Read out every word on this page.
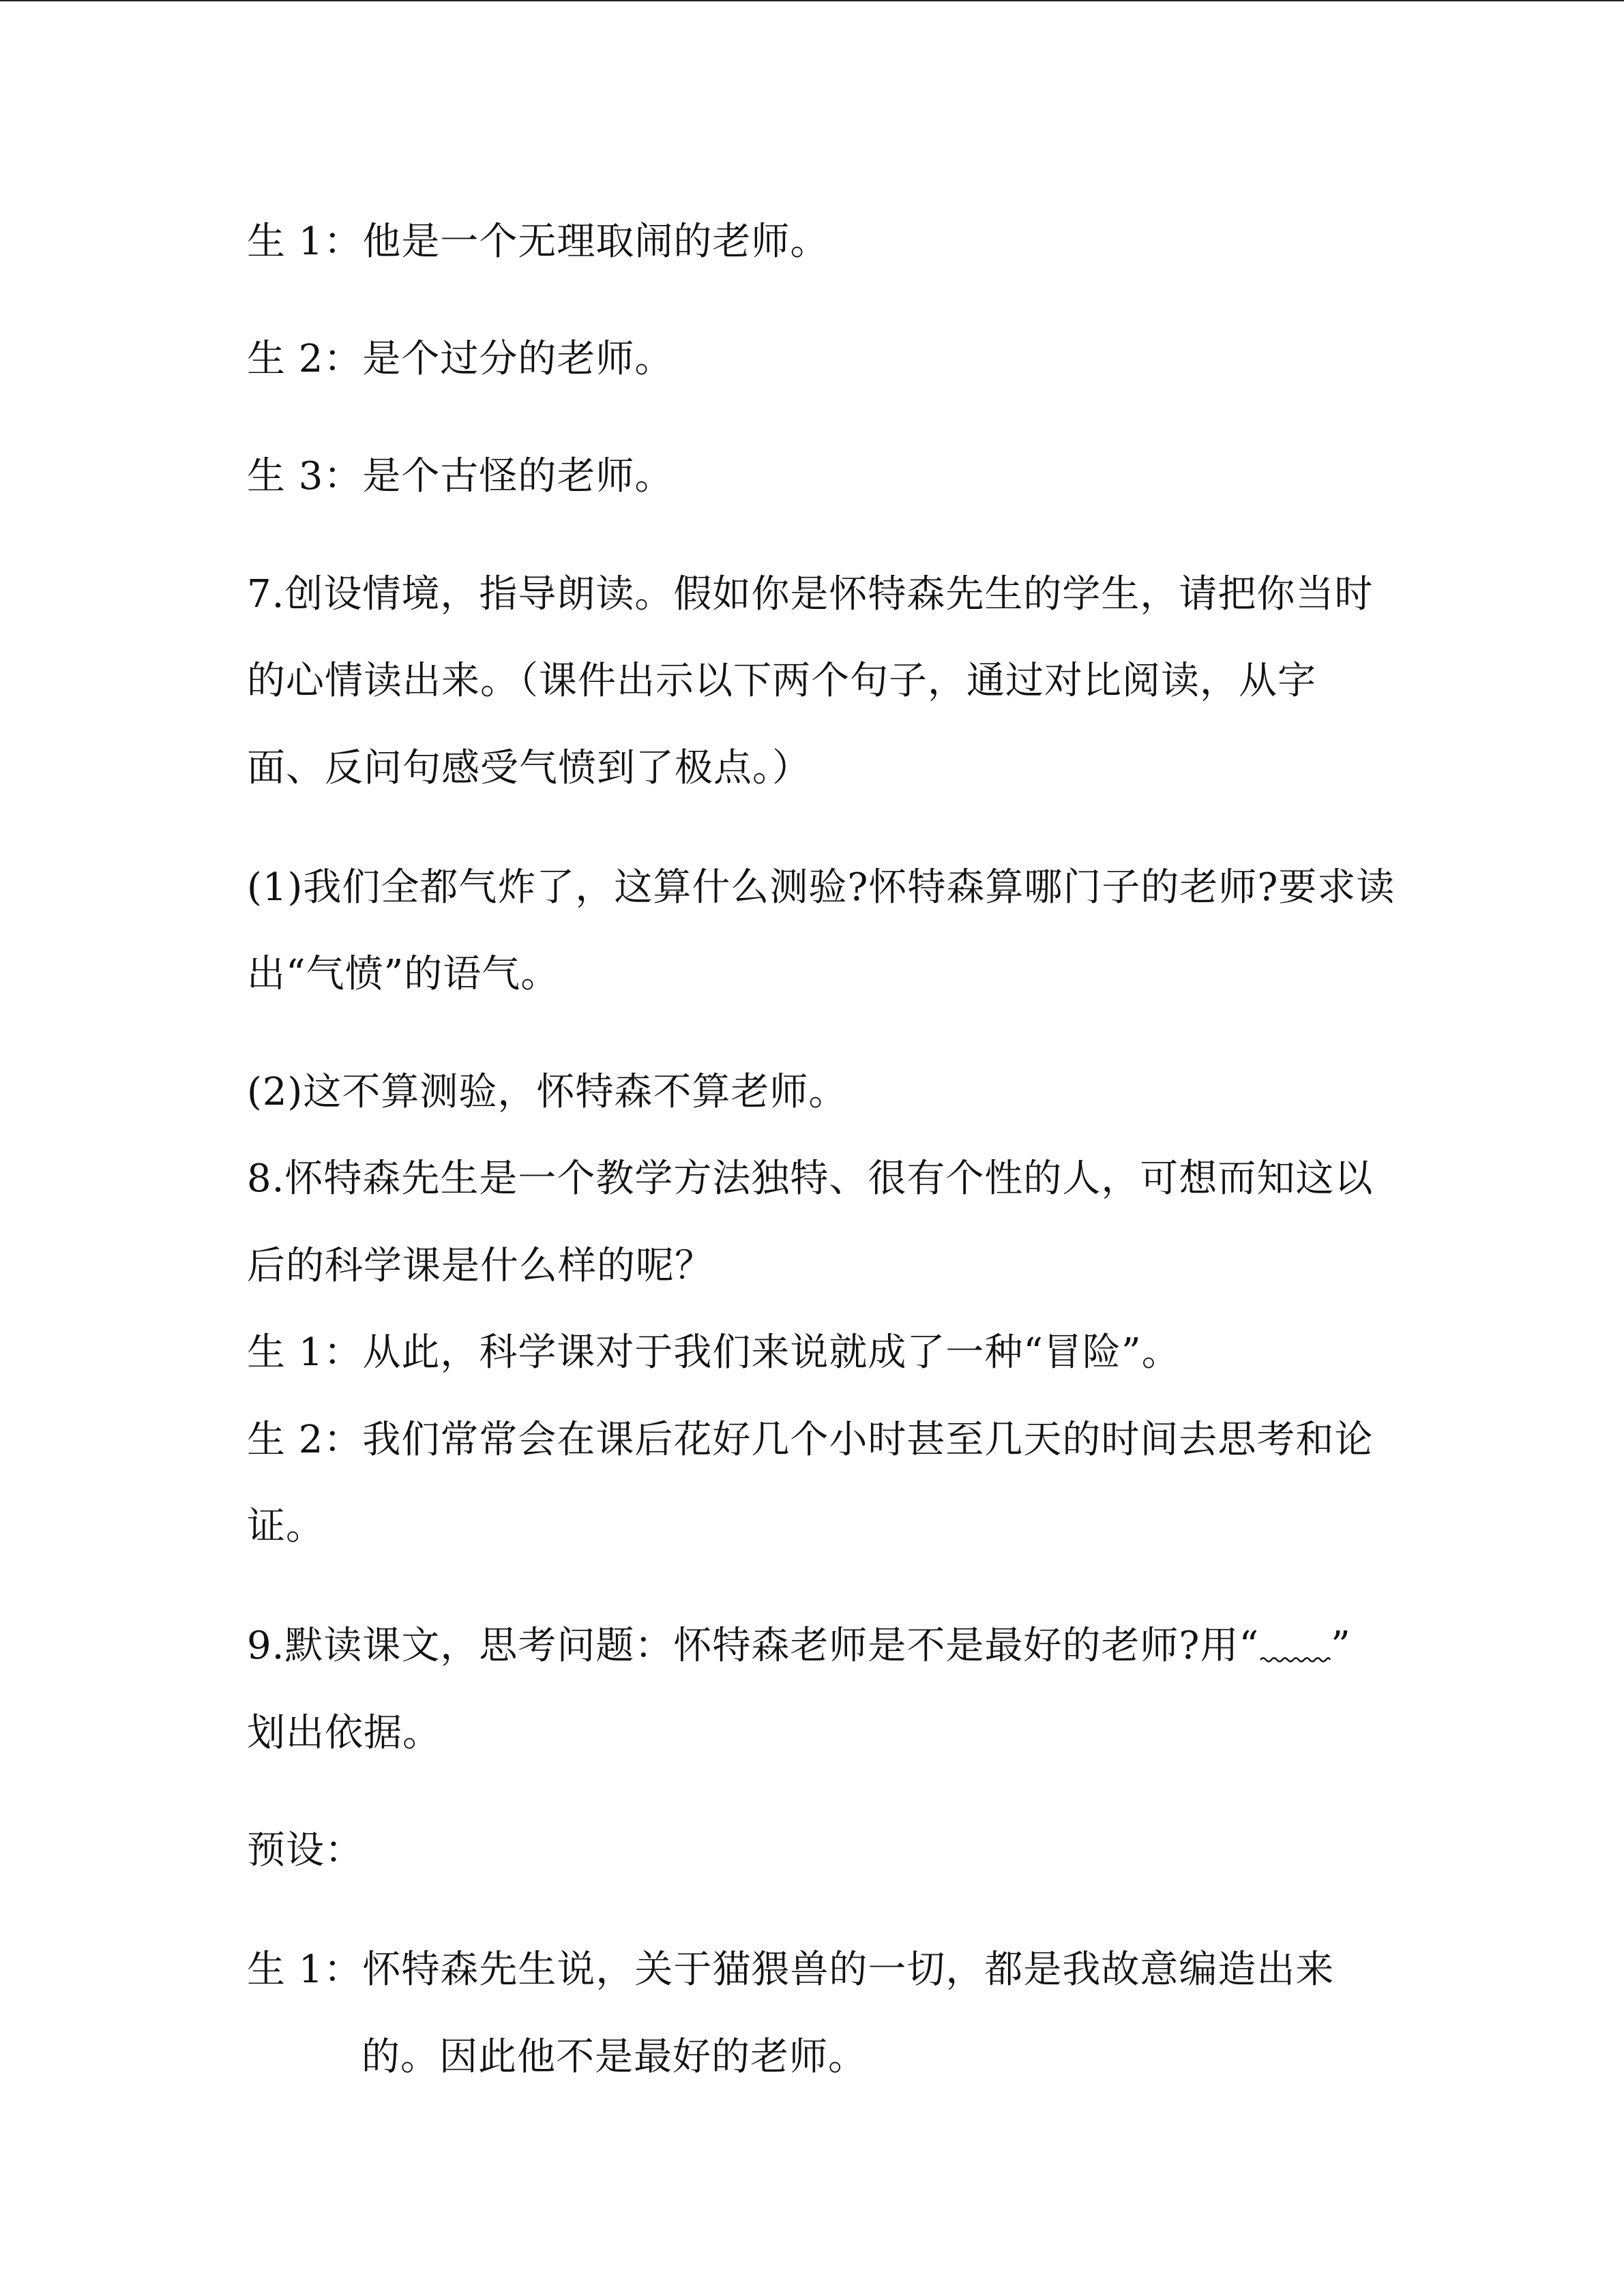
生 1：他是一个无理取闹的老师。
生 2：是个过分的老师。
生 3：是个古怪的老师。
7.创设情境，指导朗读。假如你是怀特森先生的学生，请把你当时
的心情读出来。（课件出示以下两个句子，通过对比阅读，从字
面、反问句感受气愤到了极点。）
(1)我们全都气炸了，这算什么测验?怀特森算哪门子的老师?要求读
出“气愤”的语气。
(2)这不算测验，怀特森不算老师。
8.怀特森先生是一个教学方法独特、很有个性的人，可想而知这以
后的科学课是什么样的呢？
生 1：从此，科学课对于我们来说就成了一种“冒险”。
生 2：我们常常会在课后花好几个小时甚至几天的时间去思考和论
证。
9.默读课文，思考问题：怀特森老师是不是最好的老师?用“ ”
划出依据。
预设：
生 1：怀特森先生说，关于猫猥兽的一切，都是我故意编造出来
的。因此他不是最好的老师。
